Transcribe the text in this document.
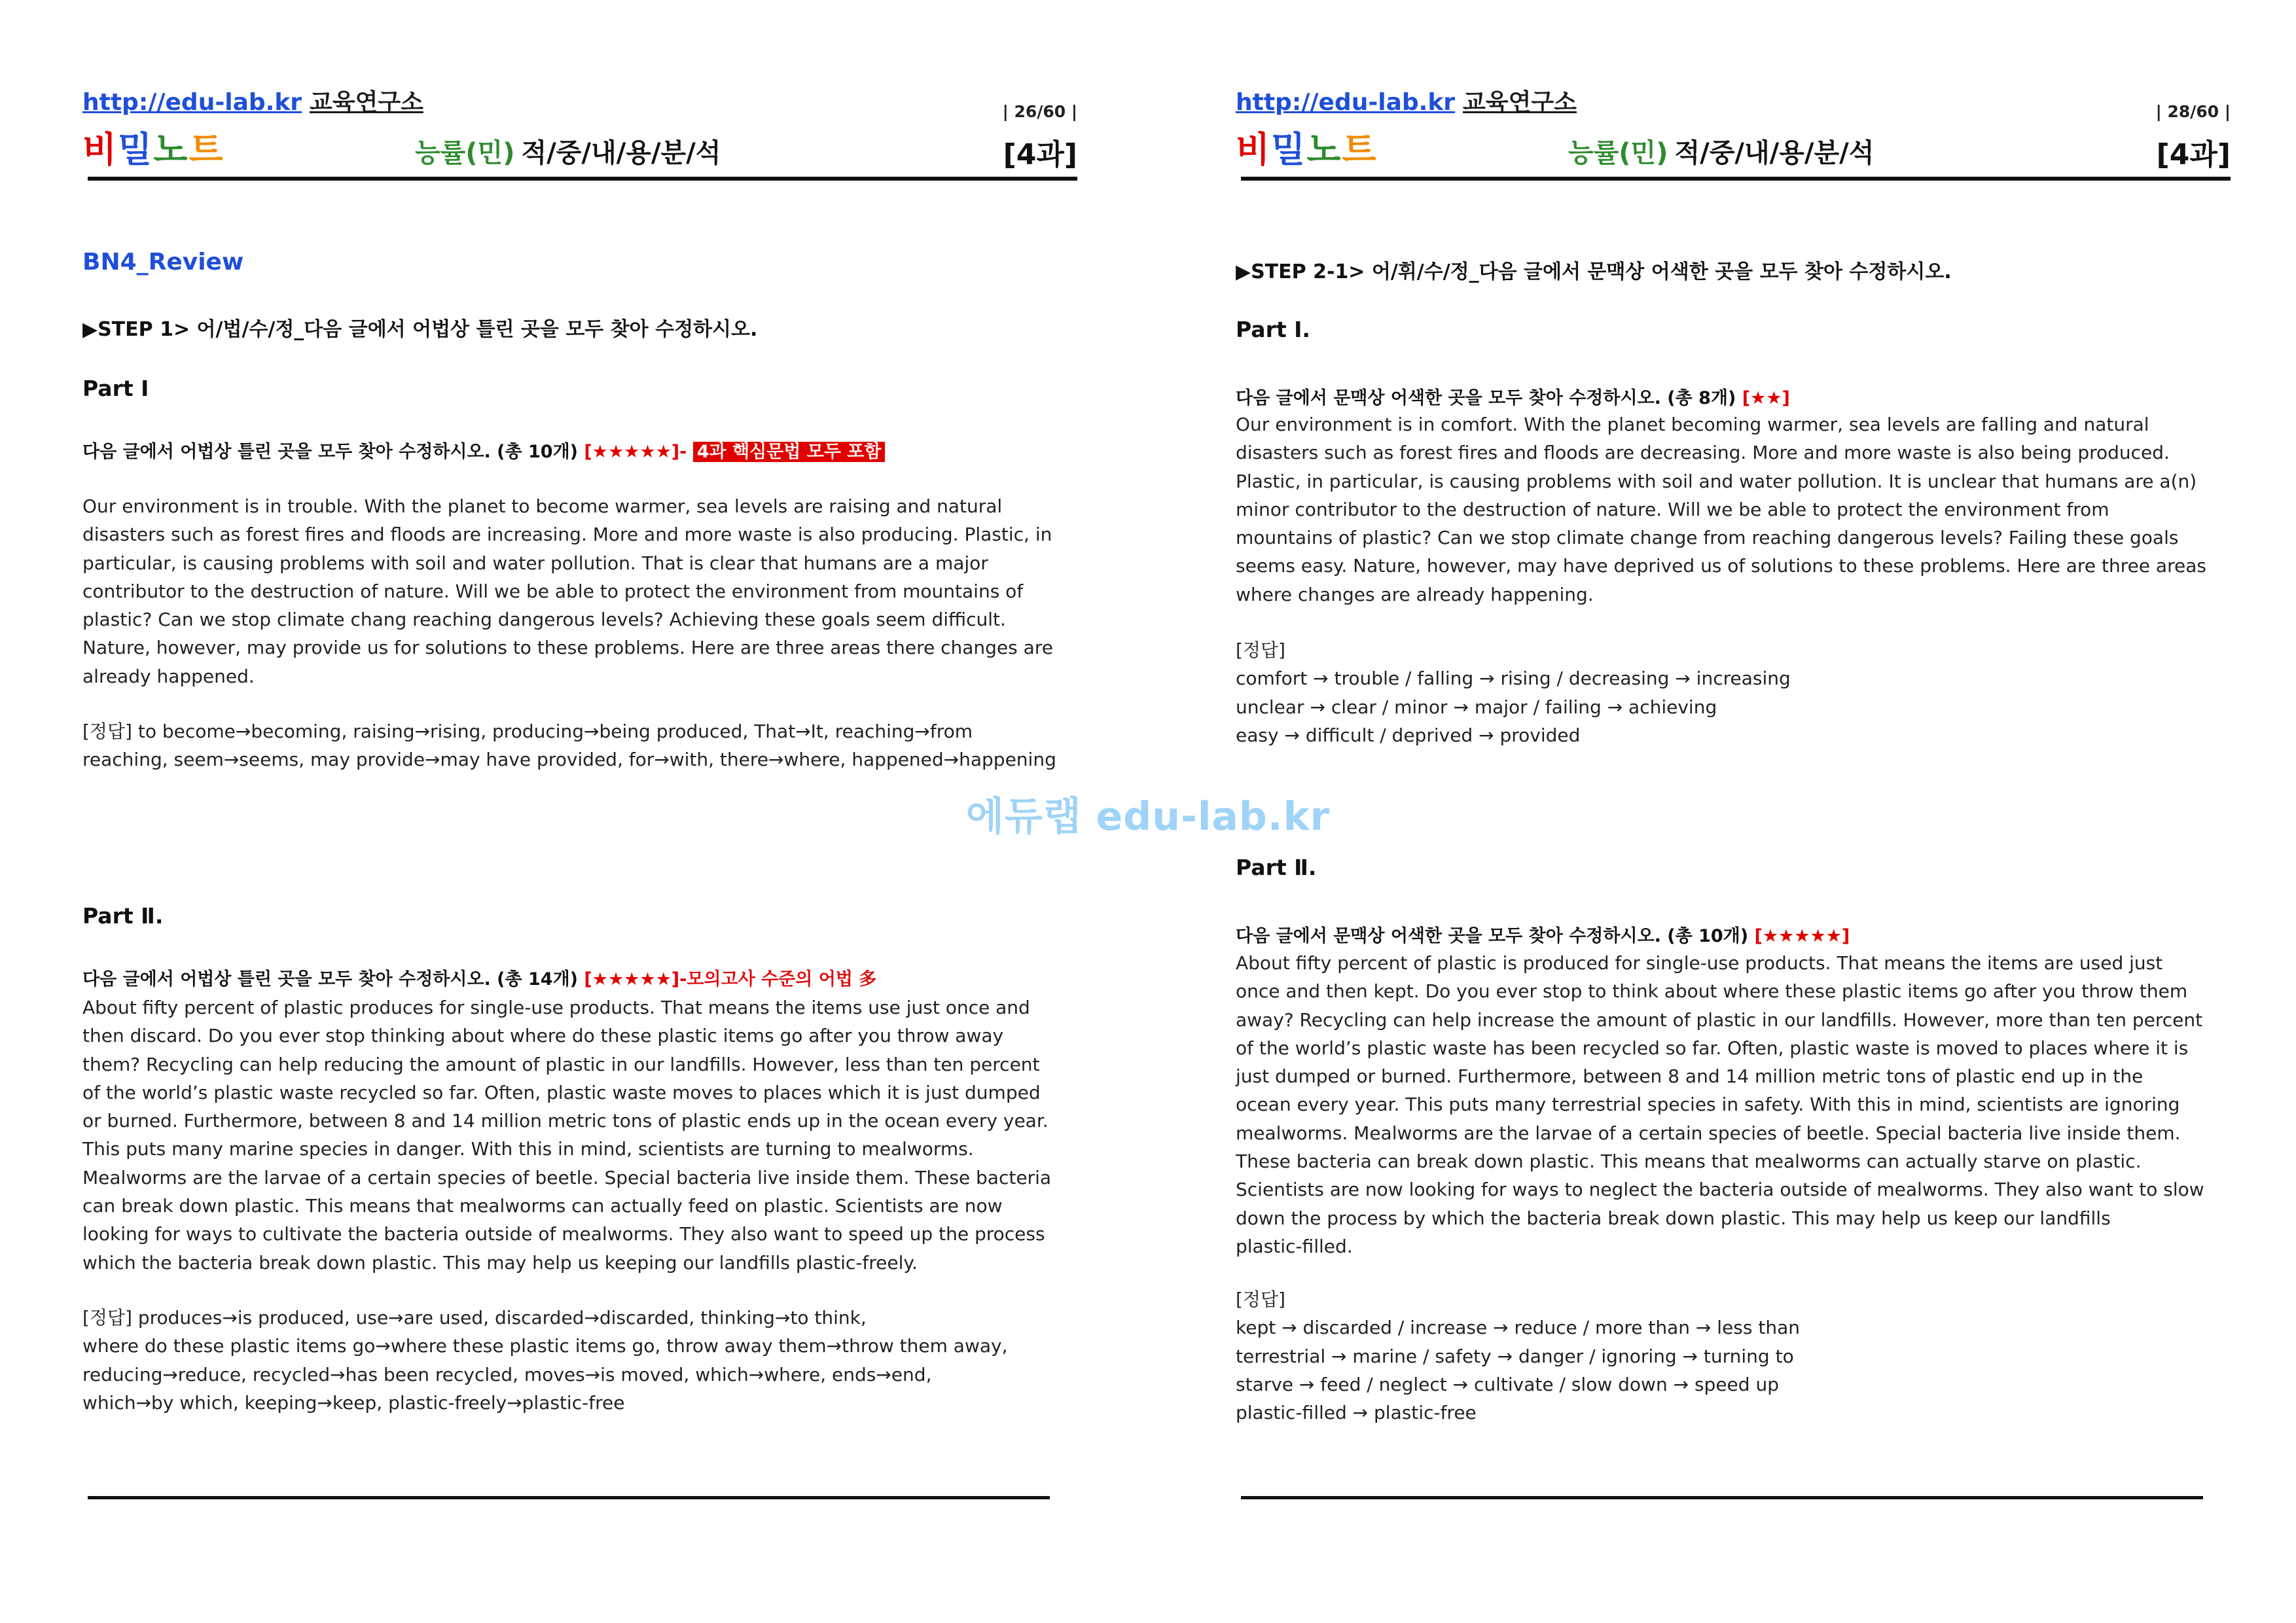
http://edu-lab.kr 교육연구소	| 26/60 |
비밀노트	능률(민) 적/중/내/용/분/석	[4과]
BN4_Review
▶STEP 1> 어/법/수/정_다음 글에서 어법상 틀린 곳을 모두 찾아 수정하시오.
Part Ⅰ
다음 글에서 어법상 틀린 곳을 모두 찾아 수정하시오. (총 10개) [★★★★★]- 4과 핵심문법 모두 포함
Our environment is in trouble. With the planet to become warmer, sea levels are raising and natural
disasters such as forest fires and floods are increasing. More and more waste is also producing. Plastic, in
particular, is causing problems with soil and water pollution. That is clear that humans are a major
contributor to the destruction of nature. Will we be able to protect the environment from mountains of
plastic? Can we stop climate chang reaching dangerous levels? Achieving these goals seem difficult.
Nature, however, may provide us for solutions to these problems. Here are three areas there changes are
already happened.
[정답] to become→becoming, raising→rising, producing→being produced, That→It, reaching→from
reaching, seem→seems, may provide→may have provided, for→with, there→where, happened→happening
Part Ⅱ.
다음 글에서 어법상 틀린 곳을 모두 찾아 수정하시오. (총 14개) [★★★★★]-모의고사 수준의 어법 多
About fifty percent of plastic produces for single-use products. That means the items use just once and
then discard. Do you ever stop thinking about where do these plastic items go after you throw away
them? Recycling can help reducing the amount of plastic in our landfills. However, less than ten percent
of the world’s plastic waste recycled so far. Often, plastic waste moves to places which it is just dumped
or burned. Furthermore, between 8 and 14 million metric tons of plastic ends up in the ocean every year.
This puts many marine species in danger. With this in mind, scientists are turning to mealworms.
Mealworms are the larvae of a certain species of beetle. Special bacteria live inside them. These bacteria
can break down plastic. This means that mealworms can actually feed on plastic. Scientists are now
looking for ways to cultivate the bacteria outside of mealworms. They also want to speed up the process
which the bacteria break down plastic. This may help us keeping our landfills plastic-freely.
[정답] produces→is produced, use→are used, discarded→discarded, thinking→to think,
where do these plastic items go→where these plastic items go, throw away them→throw them away,
reducing→reduce, recycled→has been recycled, moves→is moved, which→where, ends→end,
which→by which, keeping→keep, plastic-freely→plastic-free
http://edu-lab.kr 교육연구소	| 28/60 |
비밀노트	능률(민) 적/중/내/용/분/석	[4과]
▶STEP 2-1> 어/휘/수/정_다음 글에서 문맥상 어색한 곳을 모두 찾아 수정하시오.
Part Ⅰ.
다음 글에서 문맥상 어색한 곳을 모두 찾아 수정하시오. (총 8개) [★★]
Our environment is in comfort. With the planet becoming warmer, sea levels are falling and natural
disasters such as forest fires and floods are decreasing. More and more waste is also being produced.
Plastic, in particular, is causing problems with soil and water pollution. It is unclear that humans are a(n)
minor contributor to the destruction of nature. Will we be able to protect the environment from
mountains of plastic? Can we stop climate change from reaching dangerous levels? Failing these goals
seems easy. Nature, however, may have deprived us of solutions to these problems. Here are three areas
where changes are already happening.
[정답]
comfort → trouble / falling → rising / decreasing → increasing
unclear → clear / minor → major / failing → achieving
easy → difficult / deprived → provided
Part Ⅱ.
다음 글에서 문맥상 어색한 곳을 모두 찾아 수정하시오. (총 10개) [★★★★★]
About fifty percent of plastic is produced for single-use products. That means the items are used just
once and then kept. Do you ever stop to think about where these plastic items go after you throw them
away? Recycling can help increase the amount of plastic in our landfills. However, more than ten percent
of the world’s plastic waste has been recycled so far. Often, plastic waste is moved to places where it is
just dumped or burned. Furthermore, between 8 and 14 million metric tons of plastic end up in the
ocean every year. This puts many terrestrial species in safety. With this in mind, scientists are ignoring
mealworms. Mealworms are the larvae of a certain species of beetle. Special bacteria live inside them.
These bacteria can break down plastic. This means that mealworms can actually starve on plastic.
Scientists are now looking for ways to neglect the bacteria outside of mealworms. They also want to slow
down the process by which the bacteria break down plastic. This may help us keep our landfills
plastic-filled.
[정답]
kept → discarded / increase → reduce / more than → less than
terrestrial → marine / safety → danger / ignoring → turning to
starve → feed / neglect → cultivate / slow down → speed up
plastic-filled → plastic-free
에듀랩 edu-lab.kr
